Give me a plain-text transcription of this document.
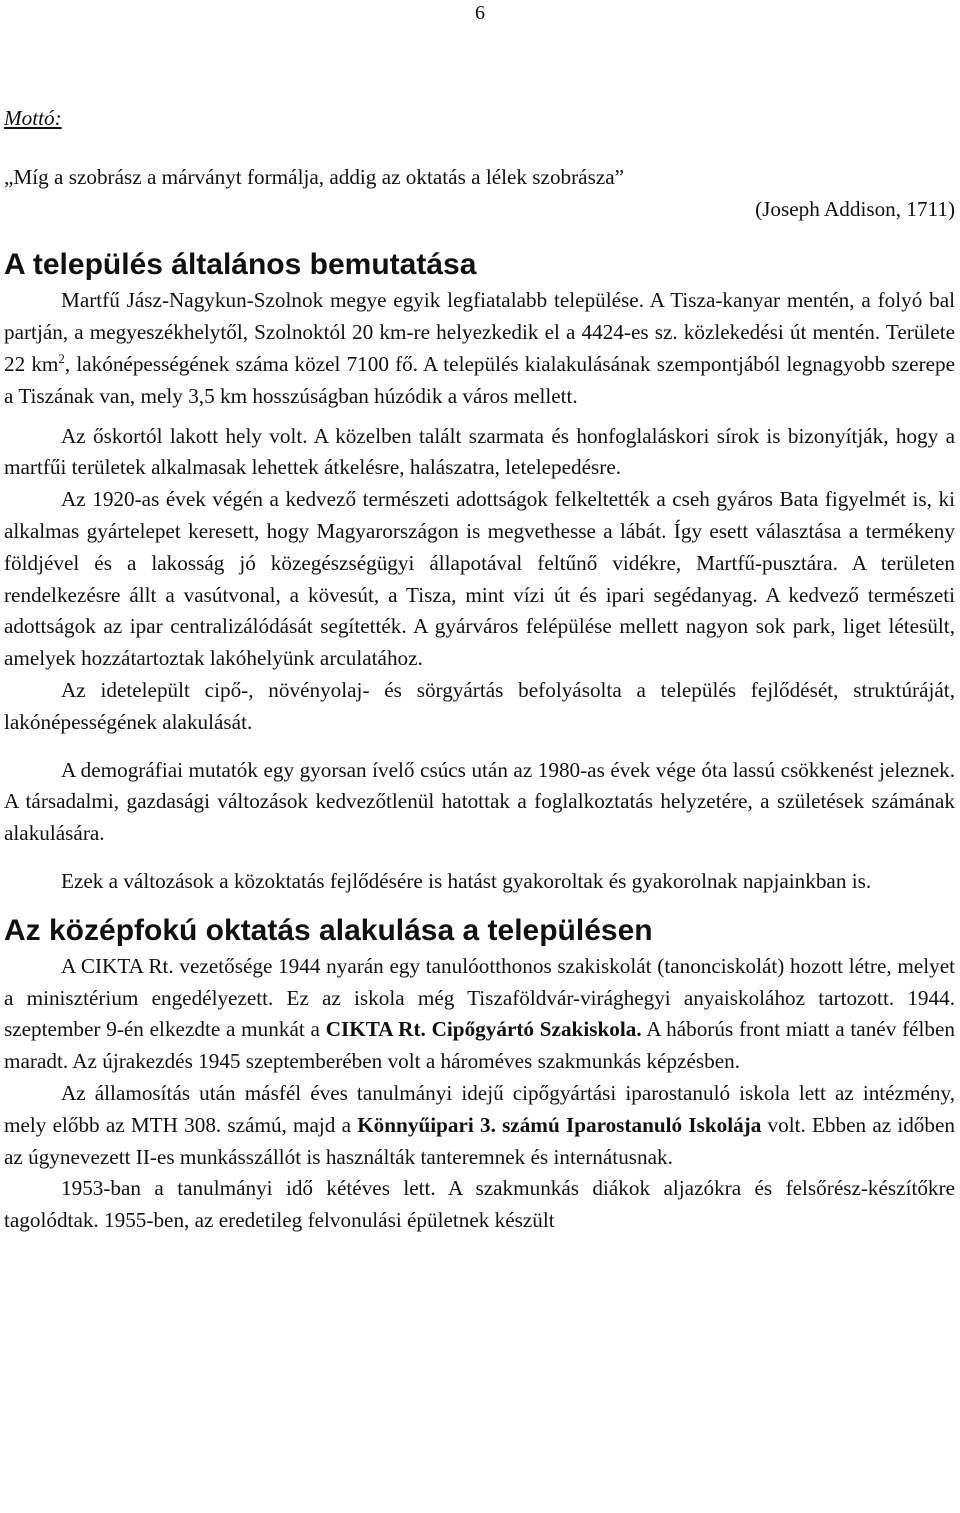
6

Mottó:

„Míg a szobrász a márványt formálja, addig az oktatás a lélek szobrásza”

(Joseph Addison, 1711)

A település általános bemutatása

Martfű Jász-Nagykun-Szolnok megye egyik legfiatalabb települése. A Tisza-kanyar mentén, a folyó bal partján, a megyeszékhelytől, Szolnoktól 20 km-re helyezkedik el a 4424-es sz. közlekedési út mentén. Területe 22 $km^2$, lakónépességének száma közel 7100 fő. A település kialakulásának szempontjából legnagyobb szerepe a Tiszának van, mely 3,5 km hosszúságban húzódik a város mellett.

Az őskortól lakott hely volt. A közelben talált szarmata és honfoglaláskori sírok is bizonyítják, hogy a martfűi területek alkalmasak lehettek átkelésre, halászatra, letelepedésre.

Az 1920-as évek végén a kedvező természeti adottságok felkeltették a cseh gyáros Bata figyelmét is, ki alkalmas gyártelepet keresett, hogy Magyarországon is megvethesse a lábát. Így esett választása a termékeny földjével és a lakosság jó közegészségügyi állapotával feltűnő vidékre, Martfű-pusztára. A területen rendelkezésre állt a vasútvonal, a kövesút, a Tisza, mint vízi út és ipari segédanyag. A kedvező természeti adottságok az ipar centralizálódását segítették. A gyárváros felépülése mellett nagyon sok park, liget létesült, amelyek hozzátartoztak lakóhelyünk arculatához.

Az idetelepült cipő-, növényolaj- és sörgyártás befolyásolta a település fejlődését, struktúráját, lakónépességének alakulását.

A demográfiai mutatók egy gyorsan ívelő csúcs után az 1980-as évek vége óta lassú csökkenést jeleznek. A társadalmi, gazdasági változások kedvezőtlenül hatottak a foglalkoztatás helyzetére, a születések számának alakulására.

Ezek a változások a közoktatás fejlődésére is hatást gyakoroltak és gyakorolnak napjainkban is.

Az középfokú oktatás alakulása a településen

A CIKTA Rt. vezetősége 1944 nyarán egy tanulóotthonos szakiskolát (tanonciskolát) hozott létre, melyet a minisztérium engedélyezett. Ez az iskola még Tiszaföldvár-virághegyi anyaiskolához tartozott. 1944. szeptember 9-én elkezdte a munkát a CIKTA Rt. Cipőgyártó Szakiskola. A háborús front miatt a tanév félben maradt. Az újrakezdés 1945 szeptemberében volt a hároméves szakmunkás képzésben.

Az államosítás után másfél éves tanulmányi idejű cipőgyártási iparostanuló iskola lett az intézmény, mely előbb az MTH 308. számú, majd a Könnyűipari 3. számú Iparostanuló Iskolája volt. Ebben az időben az úgynevezett II-es munkásszállót is használták tanteremnek és internátusnak.

1953-ban a tanulmányi idő kétéves lett. A szakmunkás diákok aljazókra és felsőrész-készítőkre tagolódtak. 1955-ben, az eredetileg felvonulási épületnek készült
